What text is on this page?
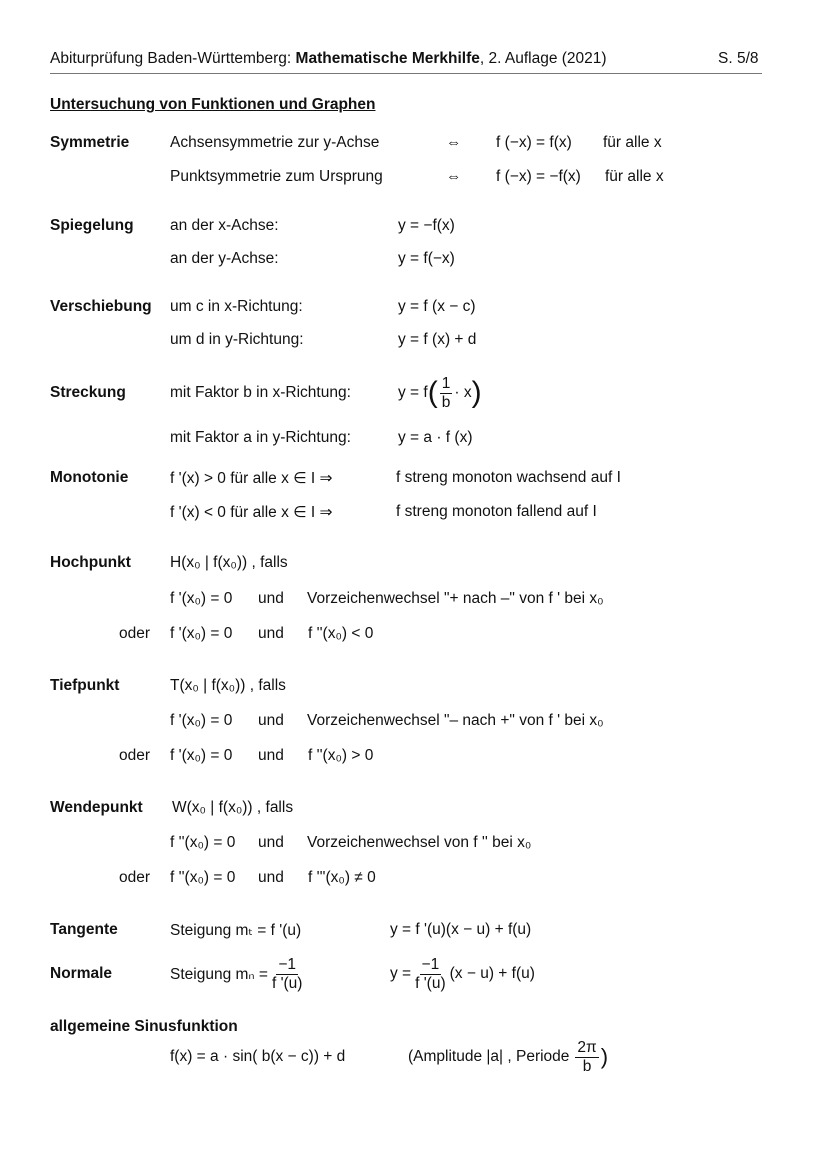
Abiturprüfung Baden-Württemberg: Mathematische Merkhilfe, 2. Auflage (2021)	S. 5/8
Untersuchung von Funktionen und Graphen
Symmetrie	Achsensymmetrie zur y-Achse	⇔ f (−x) = f(x) für alle x
Punktsymmetrie zum Ursprung	⇔ f (−x) = −f(x) für alle x
Spiegelung an der x-Achse:	y = −f(x)
an der y-Achse:	y = f(−x)
Verschiebung um c in x-Richtung:	y = f (x − c)
um d in y-Richtung:	y = f (x) + d
Streckung	mit Faktor b in x-Richtung:	y = f ( $\frac{1}{b} \cdot x$ )
mit Faktor a in y-Richtung:	y = a · f (x)
Monotonie	f '(x) > 0 für alle x ∈ I ⇒	f streng monoton wachsend auf I
f '(x) < 0 für alle x ∈ I ⇒	f streng monoton fallend auf I
Hochpunkt	H(x₀ | f(x₀)) , falls
f '(x₀) = 0 und Vorzeichenwechsel "+ nach –" von f ' bei x₀
oder f '(x₀) = 0 und f ''(x₀) < 0
Tiefpunkt	T(x₀ | f(x₀)) , falls
f '(x₀) = 0 und Vorzeichenwechsel "– nach +" von f ' bei x₀
oder f '(x₀) = 0 und f ''(x₀) > 0
Wendepunkt W(x₀ | f(x₀)) , falls
f ''(x₀) = 0 und Vorzeichenwechsel von f '' bei x₀
oder f ''(x₀) = 0 und f '''(x₀) ≠ 0
Tangente	Steigung mₜ = f '(u)	y = f '(u)(x − u) + f(u)
Normale	Steigung $m_n = \frac{-1}{f '(u)}$	$y = \frac{-1}{f '(u)} (x - u) + f(u)$
allgemeine Sinusfunktion
f(x) = a · sin( b(x − c)) + d	(Amplitude |a| , Periode $\frac{2\pi}{b}$ )
